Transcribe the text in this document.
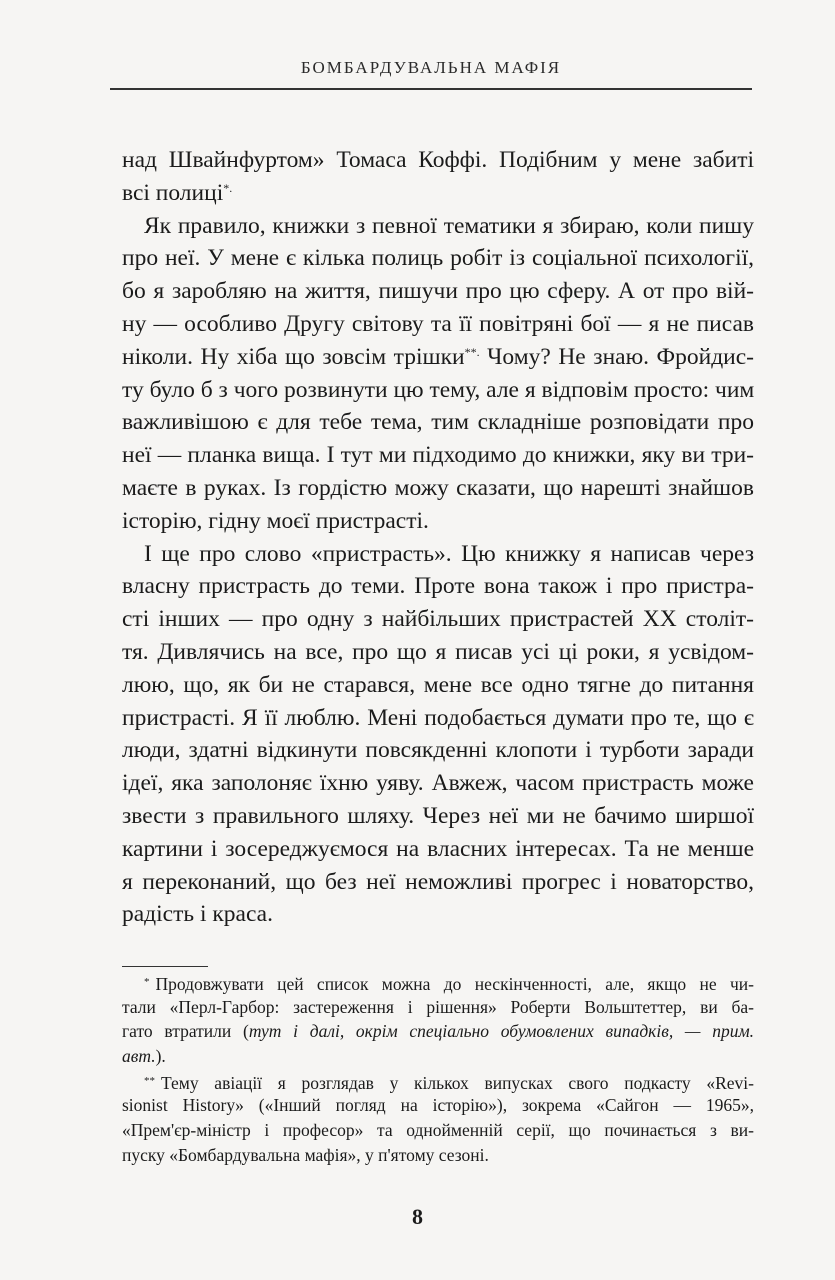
БОМБАРДУВАЛЬНА МАФІЯ
над Швайнфуртом» Томаса Коффі. Подібним у мене забиті
всі полиці*.
Як правило, книжки з певної тематики я збираю, коли пишу
про неї. У мене є кілька полиць робіт із соціальної психології,
бо я заробляю на життя, пишучи про цю сферу. А от про вій-
ну — особливо Другу світову та її повітряні бої — я не писав
ніколи. Ну хіба що зовсім трішки**. Чому? Не знаю. Фройдис-
ту було б з чого розвинути цю тему, але я відповім просто: чим
важливішою є для тебе тема, тим складніше розповідати про
неї — планка вища. І тут ми підходимо до книжки, яку ви три-
маєте в руках. Із гордістю можу сказати, що нарешті знайшов
історію, гідну моєї пристрасті.
І ще про слово «пристрасть». Цю книжку я написав через
власну пристрасть до теми. Проте вона також і про пристра-
сті інших — про одну з найбільших пристрастей XX століт-
тя. Дивлячись на все, про що я писав усі ці роки, я усвідом-
люю, що, як би не старався, мене все одно тягне до питання
пристрасті. Я її люблю. Мені подобається думати про те, що є
люди, здатні відкинути повсякденні клопоти і турботи заради
ідеї, яка заполоняє їхню уяву. Авжеж, часом пристрасть може
звести з правильного шляху. Через неї ми не бачимо ширшої
картини і зосереджуємося на власних інтересах. Та не менше
я переконаний, що без неї неможливі прогрес і новаторство,
радість і краса.
* Продовжувати цей список можна до нескінченності, але, якщо не чи-
тали «Перл-Гарбор: застереження і рішення» Роберти Вольштеттер, ви ба-
гато втратили (тут і далі, окрім спеціально обумовлених випадків, — прим.
авт.).
** Тему авіації я розглядав у кількох випусках свого подкасту «Revi-
sionist History» («Інший погляд на історію»), зокрема «Сайгон — 1965»,
«Прем'єр-міністр і професор» та однойменній серії, що починається з ви-
пуску «Бомбардувальна мафія», у п'ятому сезоні.
8
